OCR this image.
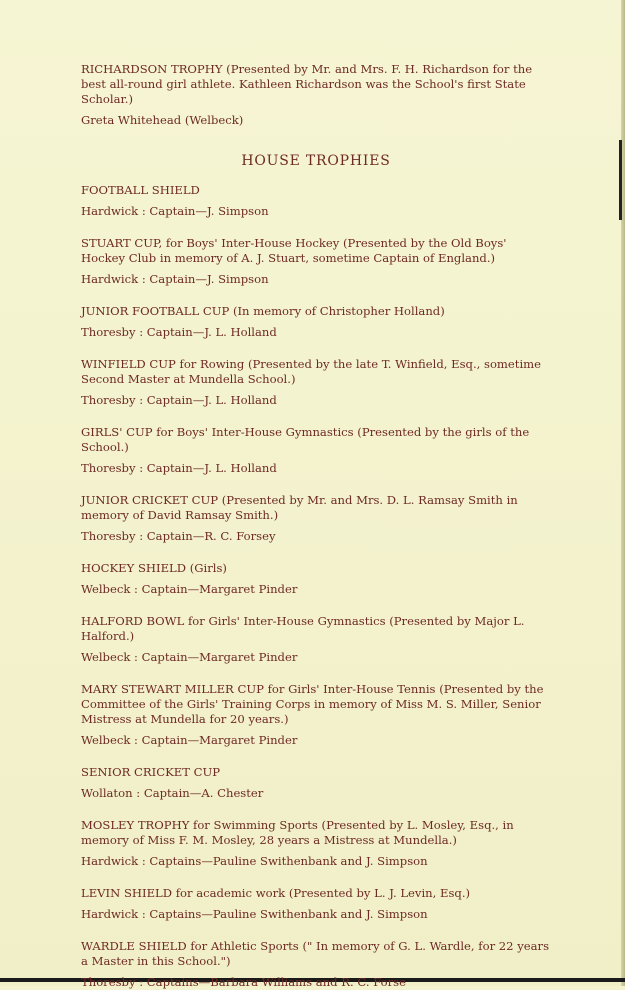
RICHARDSON TROPHY (Presented by Mr. and Mrs. F. H. Richardson for the best all-round girl athlete. Kathleen Richardson was the School's first State Scholar.)

Greta Whitehead (Welbeck)

HOUSE TROPHIES

FOOTBALL SHIELD

Hardwick : Captain—J. Simpson

STUART CUP, for Boys' Inter-House Hockey (Presented by the Old Boys' Hockey Club in memory of A. J. Stuart, sometime Captain of England.)

Hardwick : Captain—J. Simpson

JUNIOR FOOTBALL CUP (In memory of Christopher Holland)

Thoresby : Captain—J. L. Holland

WINFIELD CUP for Rowing (Presented by the late T. Winfield, Esq., sometime Second Master at Mundella School.)

Thoresby : Captain—J. L. Holland

GIRLS' CUP for Boys' Inter-House Gymnastics (Presented by the girls of the School.)

Thoresby : Captain—J. L. Holland

JUNIOR CRICKET CUP (Presented by Mr. and Mrs. D. L. Ramsay Smith in memory of David Ramsay Smith.)

Thoresby : Captain—R. C. Forsey

HOCKEY SHIELD (Girls)

Welbeck : Captain—Margaret Pinder

HALFORD BOWL for Girls' Inter-House Gymnastics (Presented by Major L. Halford.)

Welbeck : Captain—Margaret Pinder

MARY STEWART MILLER CUP for Girls' Inter-House Tennis (Presented by the Committee of the Girls' Training Corps in memory of Miss M. S. Miller, Senior Mistress at Mundella for 20 years.)

Welbeck : Captain—Margaret Pinder

SENIOR CRICKET CUP

Wollaton : Captain—A. Chester

MOSLEY TROPHY for Swimming Sports (Presented by L. Mosley, Esq., in memory of Miss F. M. Mosley, 28 years a Mistress at Mundella.)

Hardwick : Captains—Pauline Swithenbank and J. Simpson

LEVIN SHIELD for academic work (Presented by L. J. Levin, Esq.)

Hardwick : Captains—Pauline Swithenbank and J. Simpson

WARDLE SHIELD for Athletic Sports (" In memory of G. L. Wardle, for 22 years a Master in this School.")

Thoresby : Captains—Barbara Williams and R. C. Forse
